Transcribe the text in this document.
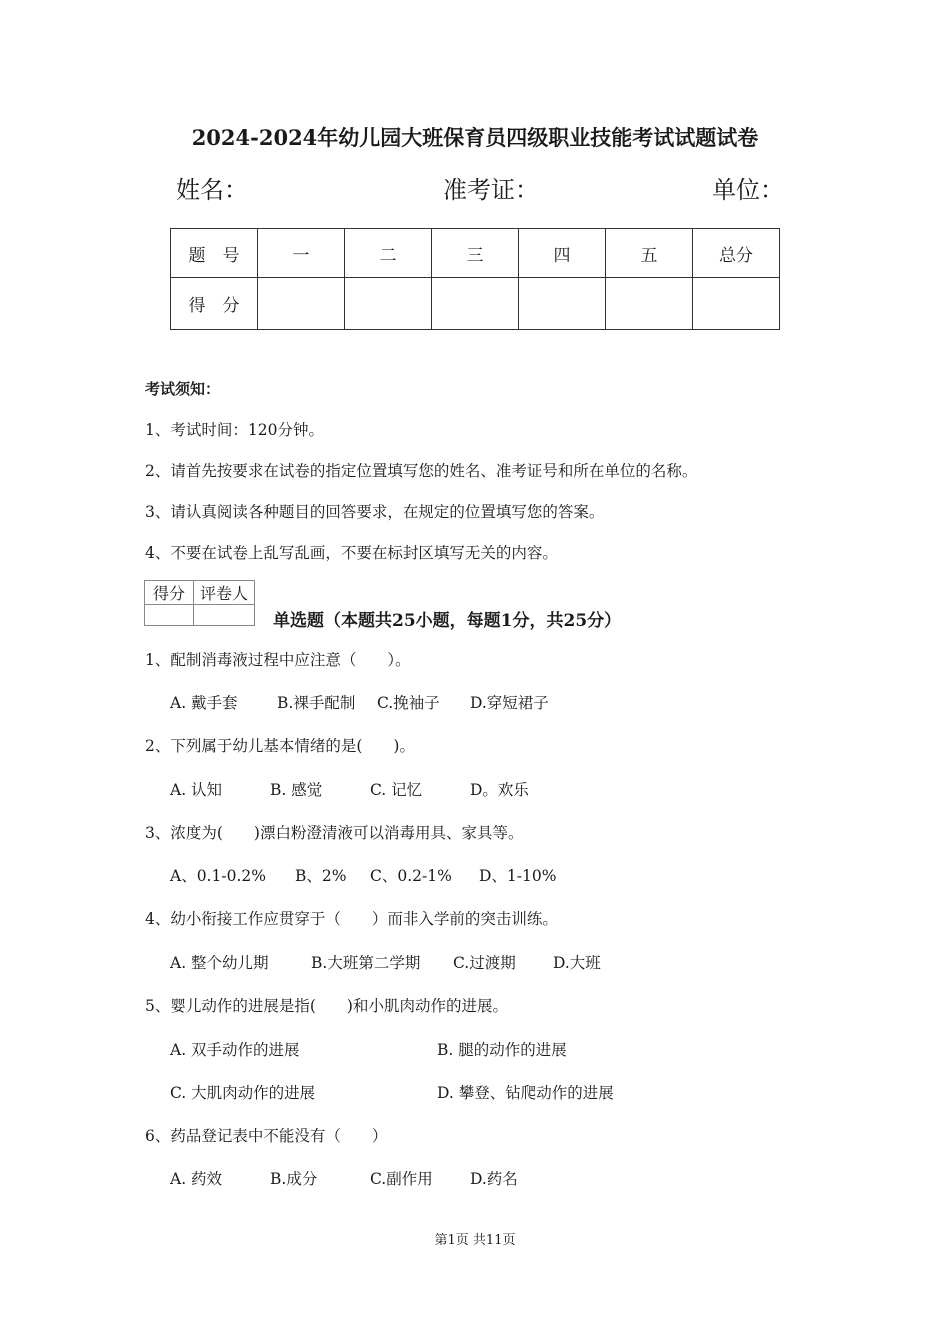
2024-2024年幼儿园大班保育员四级职业技能考试试题试卷
姓名：	准考证：	单位：
题　号	一	二	三	四	五	总分
得　分						
考试须知：
1、考试时间：120分钟。
2、请首先按要求在试卷的指定位置填写您的姓名、准考证号和所在单位的名称。
3、请认真阅读各种题目的回答要求，在规定的位置填写您的答案。
4、不要在试卷上乱写乱画，不要在标封区填写无关的内容。
得分	评卷人

单选题（本题共25小题，每题1分，共25分）
1、配制消毒液过程中应注意（　　）。
A. 戴手套	B.裸手配制 C.挽袖子 D.穿短裙子
2、下列属于幼儿基本情绪的是(　　)。
A. 认知	B. 感觉	C. 记忆	D。欢乐
3、浓度为(　　)漂白粉澄清液可以消毒用具、家具等。
A、0.1-0.2% B、2% C、0.2-1% D、1-10%
4、幼小衔接工作应贯穿于（　　）而非入学前的突击训练。
A. 整个幼儿期	B.大班第二学期 C.过渡期 D.大班
5、婴儿动作的进展是指(　　)和小肌肉动作的进展。
A. 双手动作的进展	B. 腿的动作的进展
C. 大肌肉动作的进展	D. 攀登、钻爬动作的进展
6、药品登记表中不能没有（　　）
A. 药效	B.成分	C.副作用 D.药名
第1页 共11页
